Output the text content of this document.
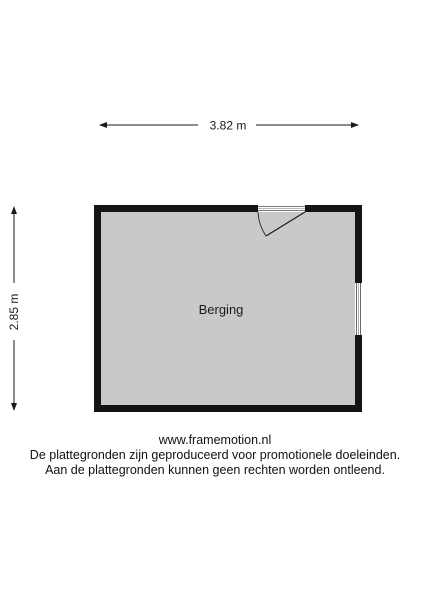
3.82 m
2.85 m	Berging
www.framemotion.nl
De plattegronden zijn geproduceerd voor promotionele doeleinden.
Aan de plattegronden kunnen geen rechten worden ontleend.
